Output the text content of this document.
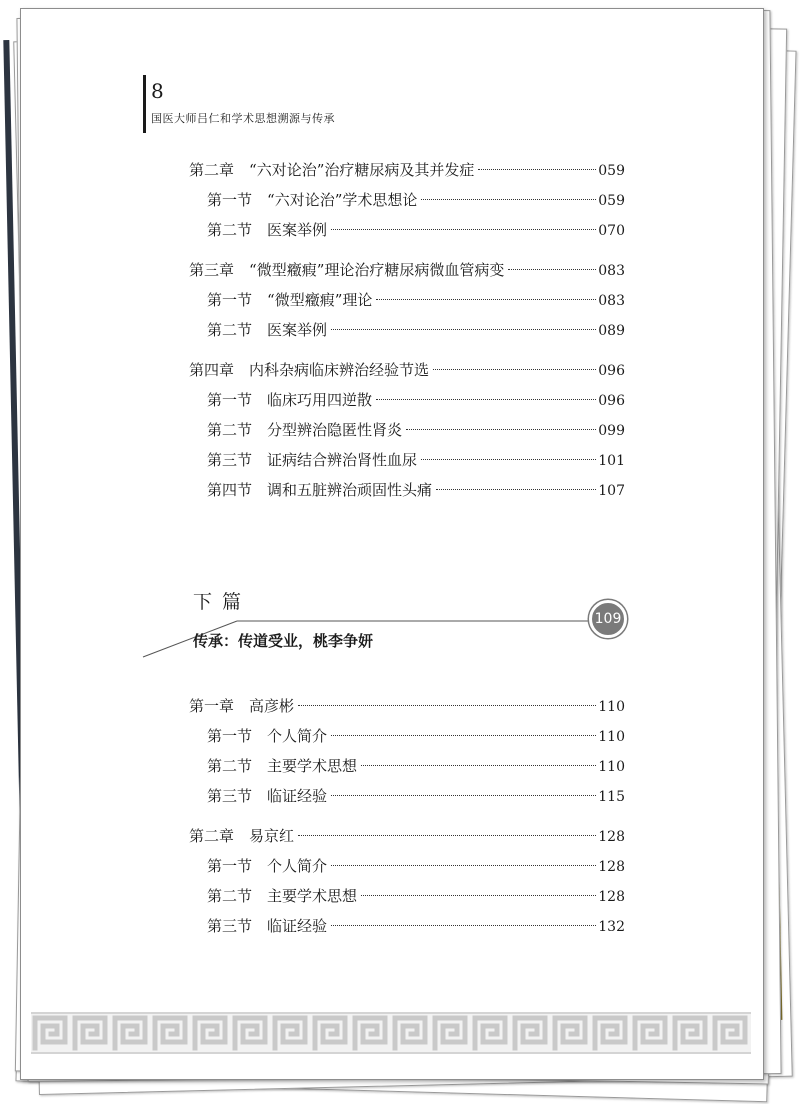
8
国医大师吕仁和学术思想溯源与传承
第二章　 “六对论治”治疗糖尿病及其并发症	059
第一节　 “六对论治”学术思想论	059
第二节　 医案举例	070
第三章　 “微型癥瘕”理论治疗糖尿病微血管病变	083
第一节　 “微型癥瘕”理论	083
第二节　 医案举例	089
第四章　 内科杂病临床辨治经验节选	096
第一节　 临床巧用四逆散	096
第二节　 分型辨治隐匿性肾炎	099
第三节　 证病结合辨治肾性血尿	101
第四节　 调和五脏辨治顽固性头痛	107
下 篇
109
传承：传道受业，桃李争妍
第一章　 高彦彬	110
第一节　 个人简介	110
第二节　 主要学术思想	110
第三节　 临证经验	115
第二章　 易京红	128
第一节　 个人简介	128
第二节　 主要学术思想	128
第三节　 临证经验	132
